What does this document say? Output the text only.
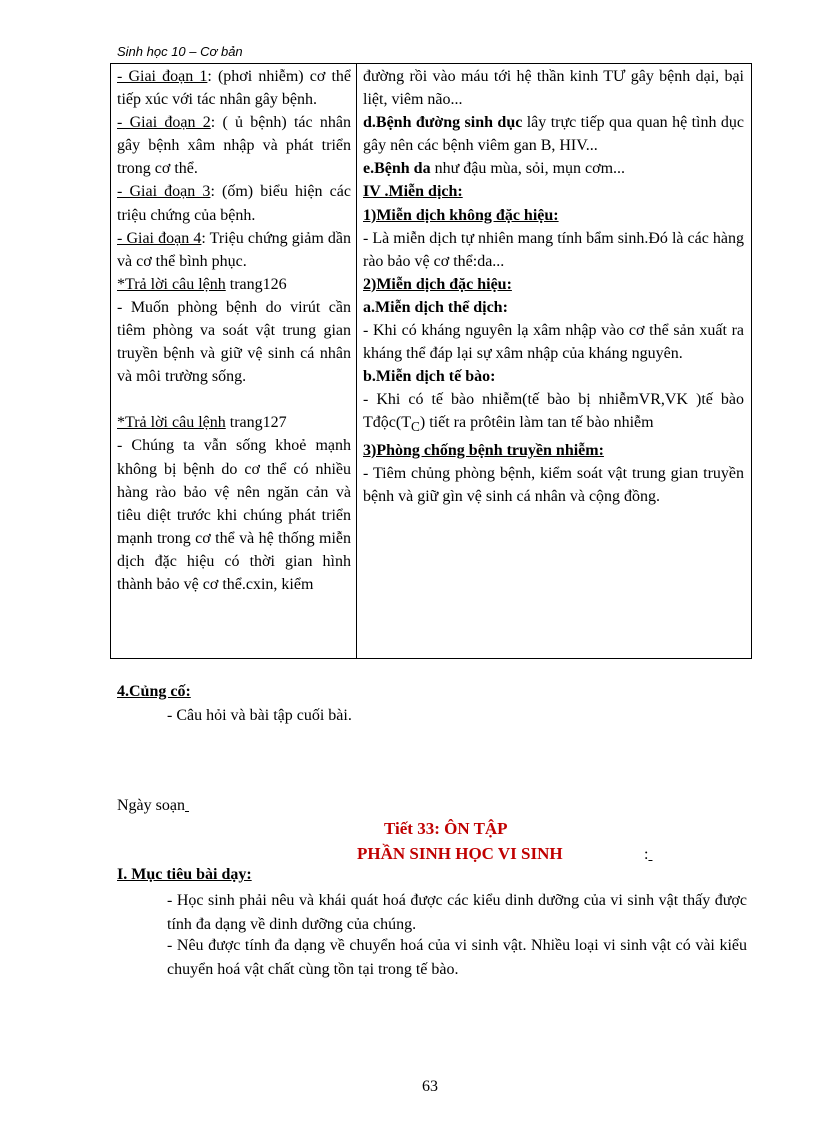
Sinh học 10 – Cơ bản

- Giai đoạn 1: (phơi nhiễm) cơ thể tiếp xúc với tác nhân gây bệnh.

- Giai đoạn 2: ( ủ bệnh) tác nhân gây bệnh xâm nhập và phát triển trong cơ thể.

- Giai đoạn 3: (ốm) biểu hiện các triệu chứng của bệnh.

- Giai đoạn 4: Triệu chứng giảm dần và cơ thể bình phục.

*Trả lời câu lệnh trang126

- Muốn phòng bệnh do virút cần tiêm phòng va soát vật trung gian truyền bệnh và giữ vệ sinh cá nhân và môi trường sống.

*Trả lời câu lệnh trang127

- Chúng ta vẫn sống khoẻ mạnh không bị bệnh do cơ thể có nhiều hàng rào bảo vệ nên ngăn cản và tiêu diệt trước khi chúng phát triển mạnh trong cơ thể và hệ thống miễn dịch đặc hiệu có thời gian hình thành bảo vệ cơ thể.cxin, kiểm

đường rồi vào máu tới hệ thần kinh TƯ gây bệnh dại, bại liệt, viêm não...

d.Bệnh đường sinh dục lây trực tiếp qua quan hệ tình dục gây nên các bệnh viêm gan B, HIV...

e.Bệnh da như đậu mùa, sỏi, mụn cơm...

IV .Miễn dịch:

1)Miễn dịch không đặc hiệu:

- Là miễn dịch tự nhiên mang tính bẩm sinh.Đó là các hàng rào bảo vệ cơ thể:da...

2)Miễn dịch đặc hiệu:

a.Miễn dịch thể dịch:

- Khi có kháng nguyên lạ xâm nhập vào cơ thể sản xuất ra kháng thể đáp lại sự xâm nhập của kháng nguyên.

b.Miễn dịch tế bào:

- Khi có tế bào nhiễm(tế bào bị nhiễmVR,VK )tế bào $Tđộc(T_C)$ tiết ra prôtêin làm tan tế bào nhiễm

3)Phòng chống bệnh truyền nhiễm:

- Tiêm chủng phòng bệnh, kiểm soát vật trung gian truyền bệnh và giữ gìn vệ sinh cá nhân và cộng đồng.

4.Củng cố:
- Câu hỏi và bài tập cuối bài.
Ngày soạn
Tiết 33: ÔN TẬP
PHẦN SINH HỌC VI SINH	:
I. Mục tiêu bài dạy:
- Học sinh phải nêu và khái quát hoá được các kiểu dinh dưỡng của vi sinh vật thấy được tính đa dạng về dinh dưỡng của chúng.
- Nêu được tính đa dạng về chuyển hoá của vi sinh vật. Nhiều loại vi sinh vật có vài kiểu chuyển hoá vật chất cùng tồn tại trong tế bào.
63
